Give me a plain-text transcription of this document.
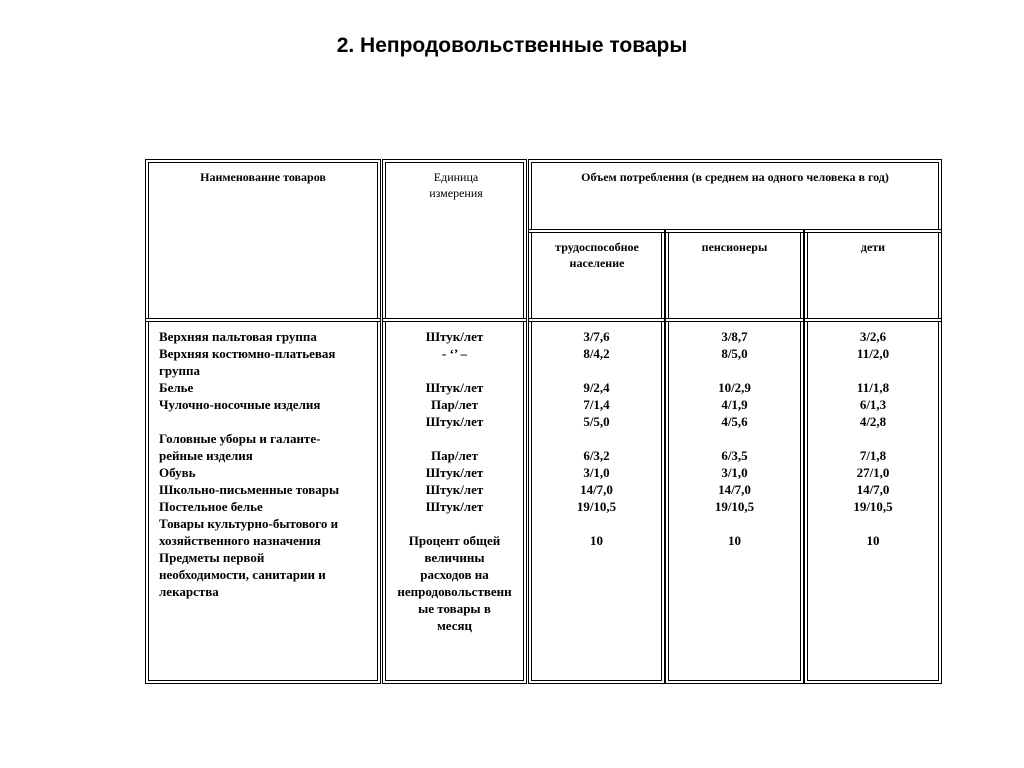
2. Непродовольственные товары
Наименование товаров	Единица измерения
Объем потребления (в среднем на одного человека в год)
трудоспособное население
пенсионеры	дети
Верхняя пальтовая группа
Верхняя костюмно-платьевая
группа
Белье
Чулочно-носочные изделия
Головные уборы и галанте-
рейные изделия
Обувь
Школьно-письменные товары
Постельное белье
Товары культурно-бытового и
хозяйственного назначения
Предметы первой
необходимости, санитарии и
лекарства
Штук/лет
- ‘’ –
Штук/лет
Пар/лет
Штук/лет
Пар/лет
Штук/лет
Штук/лет
Штук/лет
Процент общей
величины
расходов на
непродовольственн
ые товары в
месяц
3/7,6
8/4,2
9/2,4
7/1,4
5/5,0
6/3,2
3/1,0
14/7,0
19/10,5
10
3/8,7
8/5,0
10/2,9
4/1,9
4/5,6
6/3,5
3/1,0
14/7,0
19/10,5
10
3/2,6
11/2,0
11/1,8
6/1,3
4/2,8
7/1,8
27/1,0
14/7,0
19/10,5
10
